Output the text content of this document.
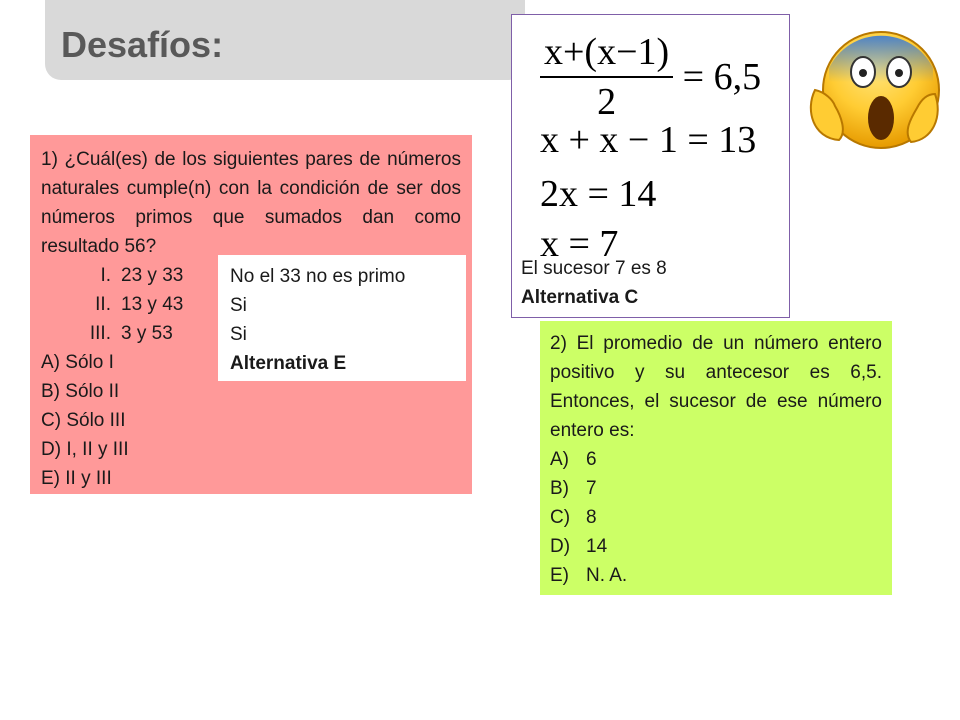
Desafíos:	$\frac{x+(x-1)}{2} = 6,5$
x + x − 1 = 13
2x = 14
x = 7
El sucesor 7 es 8
Alternativa C
1) ¿Cuál(es) de los siguientes pares de números naturales cumple(n) con la condición de ser dos números primos que sumados dan como resultado 56?
I. 23 y 33
II. 13 y 43
III. 3 y 53
A) Sólo I
B) Sólo II
C) Sólo III
D) I, II y III
E) II y III
No el 33 no es primo
Si
Si
Alternativa E
2) El promedio de un número entero positivo y su antecesor es 6,5. Entonces, el sucesor de ese número entero es:
A) 6
B) 7
C) 8
D) 14
E) N. A.
